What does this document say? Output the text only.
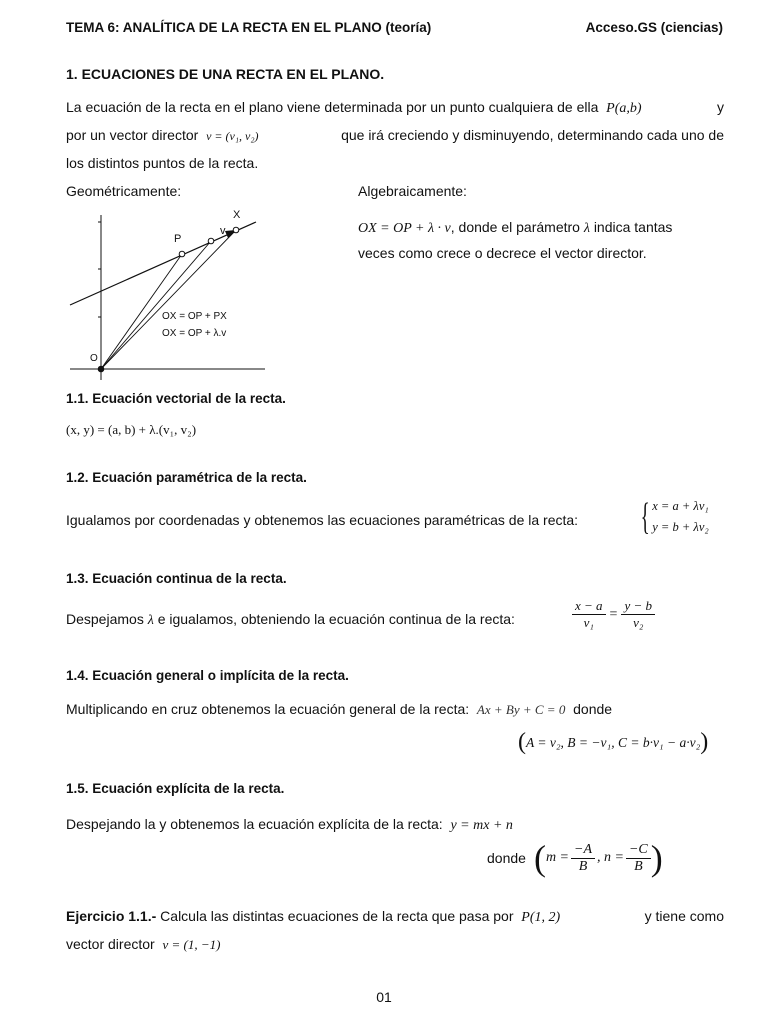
TEMA 6: ANALÍTICA DE LA RECTA EN EL PLANO (teoría)	Acceso.GS (ciencias)
1. ECUACIONES DE UNA RECTA EN EL PLANO.
La ecuación de la recta en el plano viene determinada por un punto cualquiera de ella P(a,b)	y
por un vector director v = (v₁, v₂)	que irá creciendo y disminuyendo, determinando cada uno de
los distintos puntos de la recta.
Geométricamente:	Algebraicamente:
OX = OP + λ · v, donde el parámetro λ indica tantas
veces como crece o decrece el vector director.
X
P
v
O
OX = OP + PX
OX = OP + λ.v
1.1. Ecuación vectorial de la recta.
(x, y) = (a, b) + λ.(v₁, v₂)
1.2. Ecuación paramétrica de la recta.
Igualamos por coordenadas y obtenemos las ecuaciones paramétricas de la recta: { x = a + λv₁
y = b + λv₂
1.3. Ecuación continua de la recta.
Despejamos λ e igualamos, obteniendo la ecuación continua de la recta:	$\frac{x - a}{\text{v₁}} = \frac{y - b}{\text{v₂}}$
1.4. Ecuación general o implícita de la recta.
Multiplicando en cruz obtenemos la ecuación general de la recta: Ax + By + C = 0 donde
( A = v₂, B = −v₁, C = b·v₁ − a·v₂ )
1.5. Ecuación explícita de la recta.
Despejando la y obtenemos la ecuación explícita de la recta: y = mx + n
donde ( $m = \frac{-A}{B}$ , $n = \frac{-C}{B}$ )
Ejercicio 1.1.- Calcula las distintas ecuaciones de la recta que pasa por P(1, 2)	y tiene como
vector director v = (1, −1)
01
